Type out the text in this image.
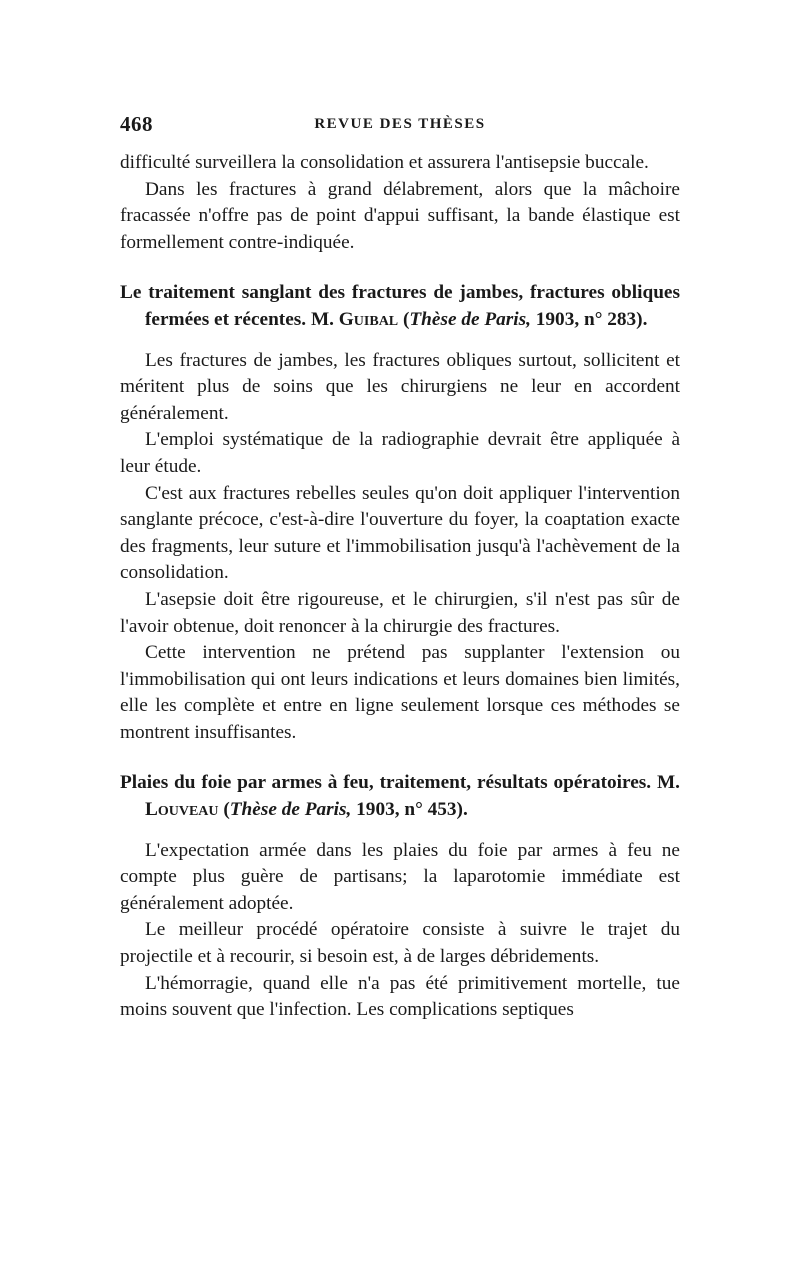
468	REVUE DES THÈSES

difficulté surveillera la consolidation et assurera l'antisepsie buccale.

Dans les fractures à grand délabrement, alors que la mâchoire fracassée n'offre pas de point d'appui suffisant, la bande élastique est formellement contre-indiquée.

Le traitement sanglant des fractures de jambes, fractures obliques fermées et récentes. M. Guibal (Thèse de Paris, 1903, n° 283).

Les fractures de jambes, les fractures obliques surtout, sollicitent et méritent plus de soins que les chirurgiens ne leur en accordent généralement.

L'emploi systématique de la radiographie devrait être appliquée à leur étude.

C'est aux fractures rebelles seules qu'on doit appliquer l'intervention sanglante précoce, c'est-à-dire l'ouverture du foyer, la coaptation exacte des fragments, leur suture et l'immobilisation jusqu'à l'achèvement de la consolidation.

L'asepsie doit être rigoureuse, et le chirurgien, s'il n'est pas sûr de l'avoir obtenue, doit renoncer à la chirurgie des fractures.

Cette intervention ne prétend pas supplanter l'extension ou l'immobilisation qui ont leurs indications et leurs domaines bien limités, elle les complète et entre en ligne seulement lorsque ces méthodes se montrent insuffisantes.

Plaies du foie par armes à feu, traitement, résultats opératoires. M. Louveau (Thèse de Paris, 1903, n° 453).

L'expectation armée dans les plaies du foie par armes à feu ne compte plus guère de partisans; la laparotomie immédiate est généralement adoptée.

Le meilleur procédé opératoire consiste à suivre le trajet du projectile et à recourir, si besoin est, à de larges débridements.

L'hémorragie, quand elle n'a pas été primitivement mortelle, tue moins souvent que l'infection. Les complications septiques
